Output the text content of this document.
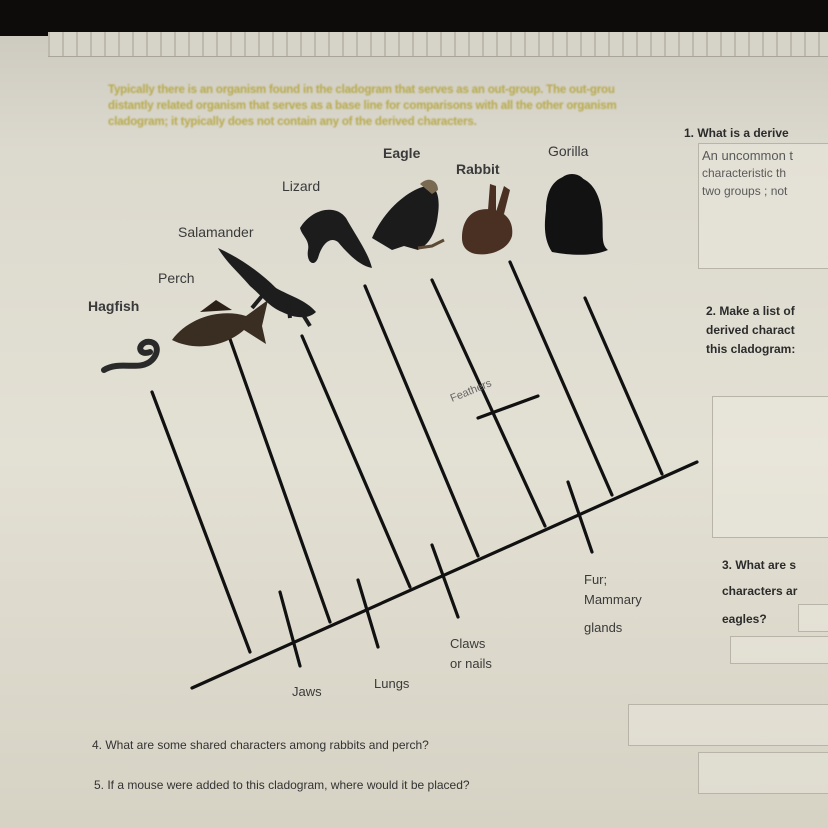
Typically there is an organism found in the cladogram that serves as an out-group. The out-grou
distantly related organism that serves as a base line for comparisons with all the other organism
cladogram; it typically does not contain any of the derived characters.
Feathers
Hagfish
Perch
Salamander
Lizard
Eagle
Rabbit
Gorilla
Jaws
Lungs
Claws
or nails
Fur;
Mammary
glands
1. What is a derive
An uncommon t
characteristic th
two groups ; not
2. Make a list of
derived charact
this cladogram:
3. What are s
characters ar
eagles?
4. What are some shared characters among rabbits and perch?
5. If a mouse were added to this cladogram, where would it be placed?
